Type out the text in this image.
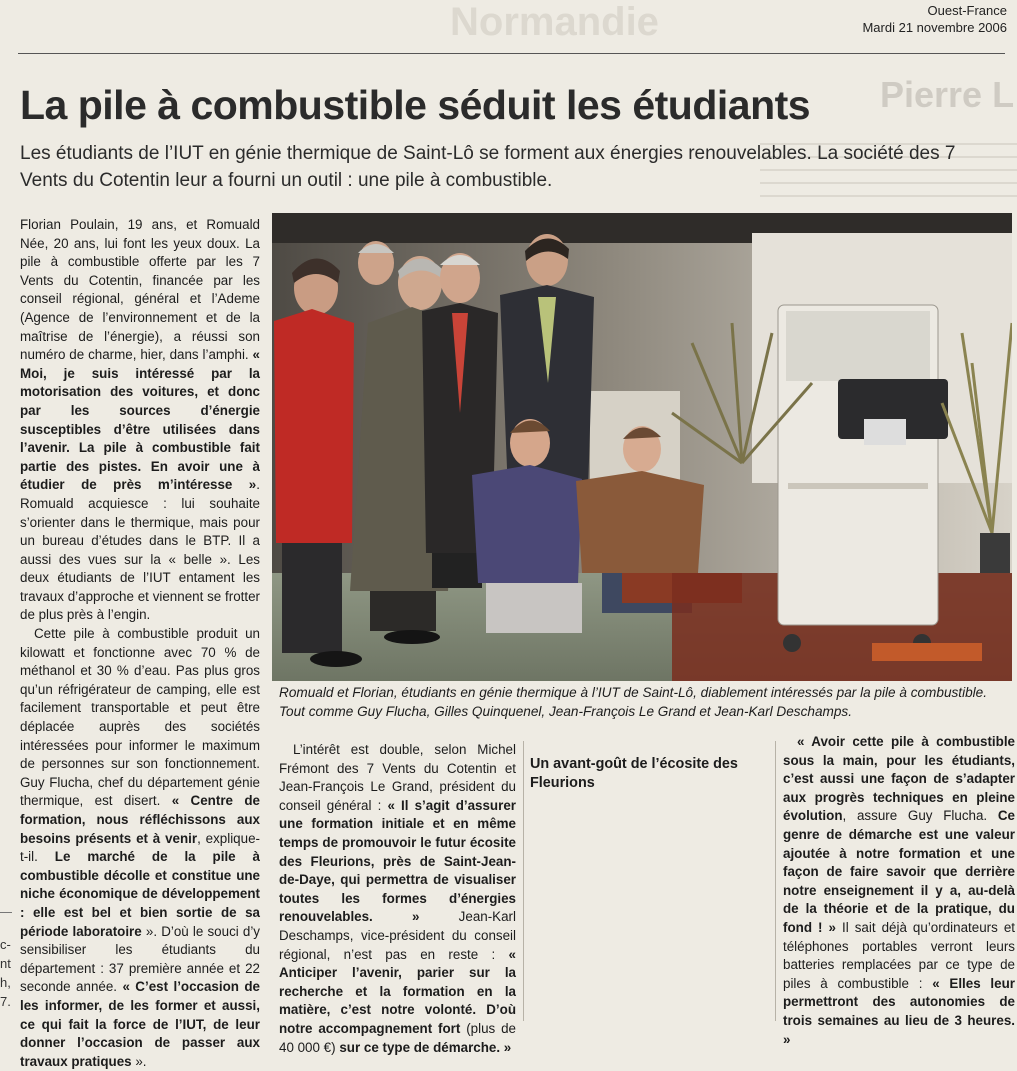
Normandie	Ouest-France
Mardi 21 novembre 2006
Pierre L
La pile à combustible séduit les étudiants

Les étudiants de l’IUT en génie thermique de Saint-Lô se forment aux énergies renouvelables. La société des 7 Vents du Cotentin leur a fourni un outil : une pile à combustible.

Florian Poulain, 19 ans, et Romuald Née, 20 ans, lui font les yeux doux. La pile à combustible offerte par les 7 Vents du Cotentin, financée par les conseil régional, général et l’Ademe (Agence de l’environnement et de la maîtrise de l’énergie), a réussi son numéro de charme, hier, dans l’amphi. « Moi, je suis intéressé par la motorisation des voitures, et donc par les sources d’énergie susceptibles d’être utilisées dans l’avenir. La pile à combustible fait partie des pistes. En avoir une à étudier de près m’intéresse ». Romuald acquiesce : lui souhaite s’orienter dans le thermique, mais pour un bureau d’études dans le BTP. Il a aussi des vues sur la « belle ». Les deux étudiants de l’IUT entament les travaux d’approche et viennent se frotter de plus près à l’engin.

Cette pile à combustible produit un kilowatt et fonctionne avec 70 % de méthanol et 30 % d’eau. Pas plus gros qu’un réfrigérateur de camping, elle est facilement transportable et peut être déplacée auprès des sociétés intéressées pour informer le maximum de personnes sur son fonctionnement. Guy Flucha, chef du département génie thermique, est disert. « Centre de formation, nous réfléchissons aux besoins présents et à venir, explique-t-il. Le marché de la pile à combustible décolle et constitue une niche économique de développement : elle est bel et bien sortie de sa période laboratoire ». D’où le souci d’y sensibiliser les étudiants du département : 37 première année et 22 seconde année. « C’est l’occasion de les informer, de les former et aussi, ce qui fait la force de l’IUT, de leur donner l’occasion de passer aux travaux pratiques ».

Romuald et Florian, étudiants en génie thermique à l’IUT de Saint-Lô, diablement intéressés par la pile à combustible. Tout comme Guy Flucha, Gilles Quinquenel, Jean-François Le Grand et Jean-Karl Deschamps.

L’intérêt est double, selon Michel Frémont des 7 Vents du Cotentin et Jean-François Le Grand, président du conseil général : « Il s’agit d’assurer une formation initiale et en même temps de promouvoir le futur écosite des Fleurions, près de Saint-Jean-de-Daye, qui permettra de visualiser toutes les formes d’énergies renouvelables. » Jean-Karl Deschamps, vice-président du conseil régional, n’est pas en reste : « Anticiper l’avenir, parier sur la recherche et la formation en la matière, c’est notre volonté. D’où notre accompagnement fort (plus de 40 000 €) sur ce type de démarche. »

Un avant-goût de l’écosite des Fleurions

« Avoir cette pile à combustible sous la main, pour les étudiants, c’est aussi une façon de s’adapter aux progrès techniques en pleine évolution, assure Guy Flucha. Ce genre de démarche est une valeur ajoutée à notre formation et une façon de faire savoir que derrière notre enseignement il y a, au-delà de la théorie et de la pratique, du fond ! » Il sait déjà qu’ordinateurs et téléphones portables verront leurs batteries remplacées par ce type de piles à combustible : « Elles leur permettront des autonomies de trois semaines au lieu de 3 heures. »

c-
nt
h,
7.
